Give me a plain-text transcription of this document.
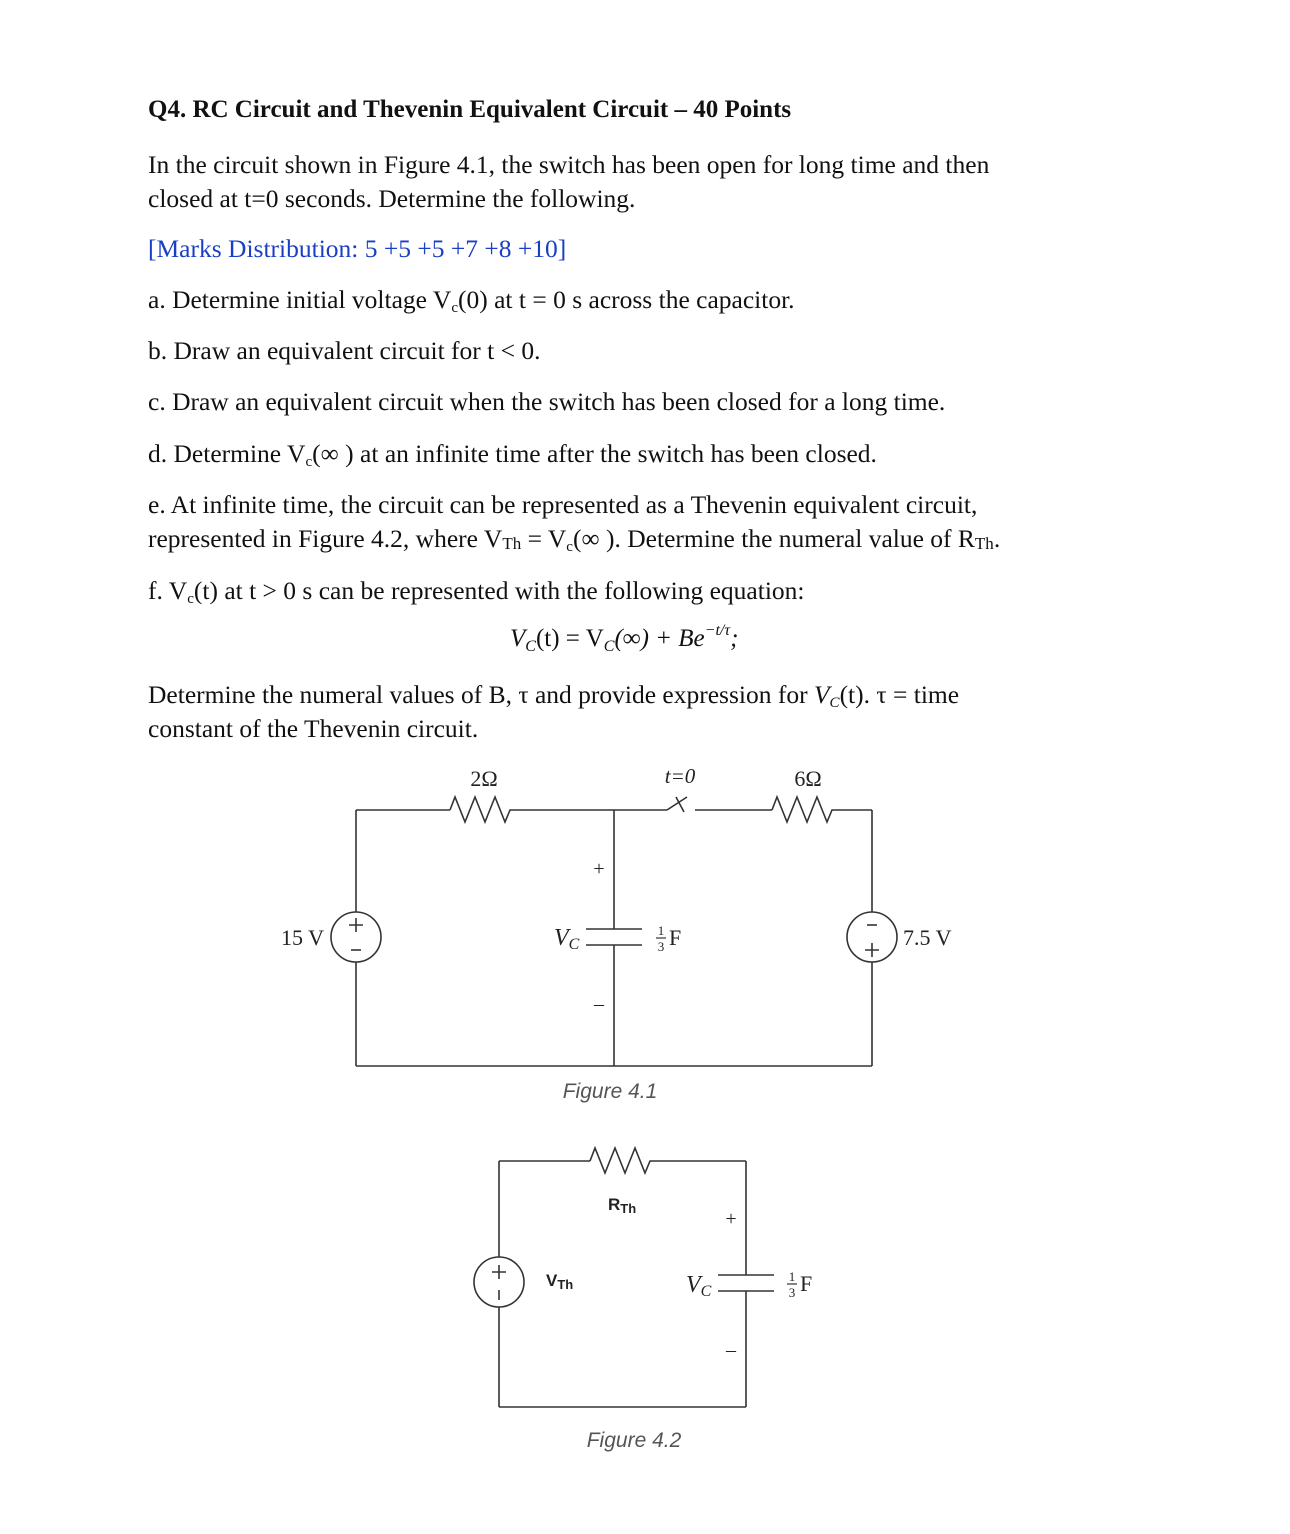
Q4. RC Circuit and Thevenin Equivalent Circuit – 40 Points
In the circuit shown in Figure 4.1, the switch has been open for long time and then
closed at t=0 seconds. Determine the following.
[Marks Distribution: 5 +5 +5 +7 +8 +10]
a. Determine initial voltage $V_c(0)$ at t = 0 s across the capacitor.
b. Draw an equivalent circuit for t < 0.
c. Draw an equivalent circuit when the switch has been closed for a long time.
d. Determine $V_c(\infty$ ) at an infinite time after the switch has been closed.
e. At infinite time, the circuit can be represented as a Thevenin equivalent circuit,
represented in Figure 4.2, where VTh = $V_c(\infty$ ). Determine the numeral value of RTh.
f. $V_c(t)$ at t > 0 s can be represented with the following equation:
$V_C(t) = V_C(\infty) + Be^{-t/\tau}$;
Determine the numeral values of B, τ and provide expression for $V_C(t)$. τ = time
constant of the Thevenin circuit.
2Ω	t=0	6Ω
15 V	7.5 V
VC
+
–
1
3 F
Figure 4.1
RTh
VTh	VC
+
–
1
3 F
Figure 4.2
